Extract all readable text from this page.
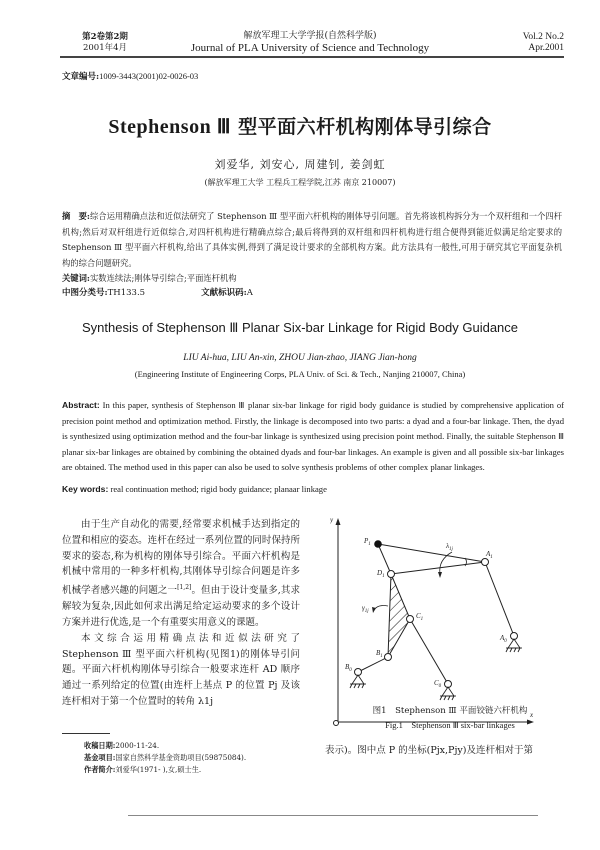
第2卷第2期
2001年4月
解放军理工大学学报(自然科学版)
Journal of PLA University of Science and Technology
Vol.2 No.2
Apr.2001
文章编号:1009-3443(2001)02-0026-03
Stephenson Ⅲ 型平面六杆机构刚体导引综合
刘爱华, 刘安心, 周建钊, 姜剑虹
(解放军理工大学 工程兵工程学院,江苏 南京 210007)
摘　要:综合运用精确点法和近似法研究了 Stephenson Ⅲ 型平面六杆机构的刚体导引问题。首先将该机构拆分为一个双杆组和一个四杆机构;然后对双杆组进行近似综合,对四杆机构进行精确点综合;最后将得到的双杆组和四杆机构进行组合便得到能近似满足给定要求的 Stephenson Ⅲ 型平面六杆机构,给出了具体实例,得到了满足设计要求的全部机构方案。此方法具有一般性,可用于研究其它平面复杂机构的综合问题研究。
关键词:实数连续法;刚体导引综合;平面连杆机构
中图分类号:TH133.5	文献标识码:A
Synthesis of Stephenson Ⅲ Planar Six-bar Linkage for Rigid Body Guidance
LIU Ai-hua, LIU An-xin, ZHOU Jian-zhao, JIANG Jian-hong
(Engineering Institute of Engineering Corps, PLA Univ. of Sci. & Tech., Nanjing 210007, China)
Abstract: In this paper, synthesis of Stephenson Ⅲ planar six-bar linkage for rigid body guidance is studied by comprehensive application of precision point method and optimization method. Firstly, the linkage is decomposed into two parts: a dyad and a four-bar linkage. Then, the dyad is synthesized using optimization method and the four-bar linkage is synthesized using precision point method. Finally, the suitable Stephenson Ⅲ planar six-bar linkages are obtained by combining the obtained dyads and four-bar linkages. An example is given and all possible six-bar linkages are obtained. The method used in this paper can also be used to solve synthesis problems of other complex planar linkages.
Key words: real continuation method; rigid body guidance; planaar linkage

由于生产自动化的需要,经常要求机械手达到指定的位置和相应的姿态。连杆在经过一系列位置的同时保持所要求的姿态,称为机构的刚体导引综合。平面六杆机构是机械中常用的一种多杆机构,其刚体导引综合问题是许多机械学者感兴趣的问题之一[1,2]。但由于设计变量多,其求解较为复杂,因此如何求出满足给定运动要求的多个设计方案并进行优选,是一个有重要实用意义的课题。

本文综合运用精确点法和近似法研究了 Stephenson Ⅲ 型平面六杆机构(见图1)的刚体导引问题。平面六杆机构刚体导引综合一般要求连杆 AD 顺序通过一系列给定的位置(由连杆上基点 P 的位置 Pj 及该连杆相对于第一个位置时的转角 λ1j

收稿日期:2000-11-24.
基金项目:国家自然科学基金资助项目(59875084).
作者简介:刘爱华(1971- ),女,硕士生.
y
x
$P_1$
$A_1$
$D_1$
$C_1$
$B_1$
$A_0$
$B_0$
$C_0$
$\lambda_{1j}$
$\gamma_{1j}$
图1　Stephenson Ⅲ 平面铰链六杆机构
Fig.1　Stephenson Ⅲ six-bar linkages
表示)。图中点 P 的坐标(Pjx,Pjy)及连杆相对于第
